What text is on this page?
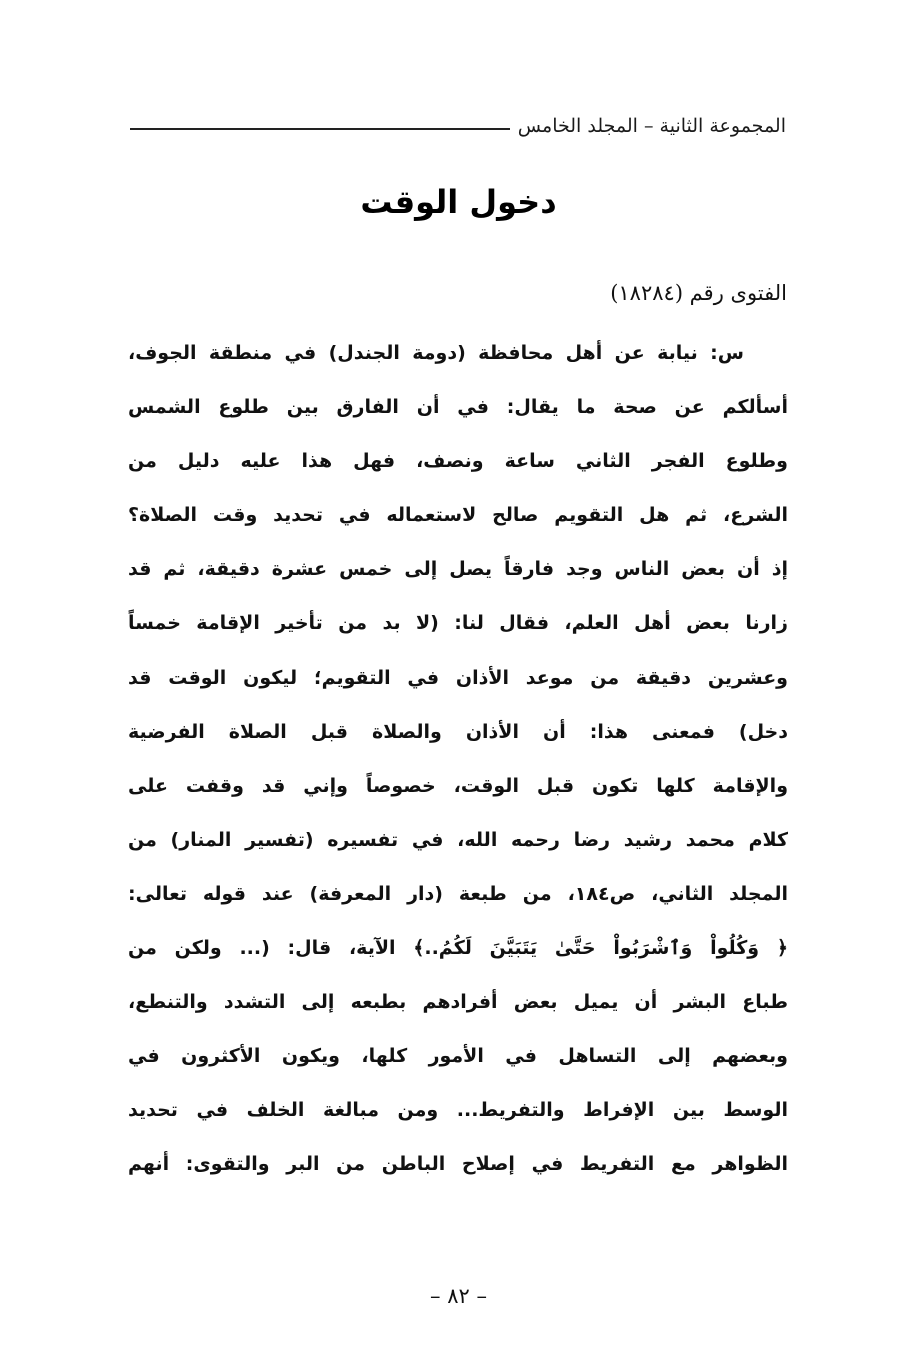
المجموعة الثانية – المجلد الخامس
دخول الوقت
الفتوى رقم (١٨٢٨٤)
س: نيابة عن أهل محافظة (دومة الجندل) في منطقة الجوف،
أسألكم عن صحة ما يقال: في أن الفارق بين طلوع الشمس
وطلوع الفجر الثاني ساعة ونصف، فهل هذا عليه دليل من
الشرع، ثم هل التقويم صالح لاستعماله في تحديد وقت الصلاة؟
إذ أن بعض الناس وجد فارقاً يصل إلى خمس عشرة دقيقة، ثم قد
زارنا بعض أهل العلم، فقال لنا: (لا بد من تأخير الإقامة خمساً
وعشرين دقيقة من موعد الأذان في التقويم؛ ليكون الوقت قد
دخل) فمعنى هذا: أن الأذان والصلاة قبل الصلاة الفرضية
والإقامة كلها تكون قبل الوقت، خصوصاً وإني قد وقفت على
كلام محمد رشيد رضا رحمه الله، في تفسيره (تفسير المنار) من
المجلد الثاني، ص١٨٤، من طبعة (دار المعرفة) عند قوله تعالى:
﴿ وَكُلُواْ وَٱشْرَبُواْ حَتَّىٰ يَتَبَيَّنَ لَكُمُ..﴾ الآية، قال: (... ولكن من
طباع البشر أن يميل بعض أفرادهم بطبعه إلى التشدد والتنطع،
وبعضهم إلى التساهل في الأمور كلها، ويكون الأكثرون في
الوسط بين الإفراط والتفريط... ومن مبالغة الخلف في تحديد
الظواهر مع التفريط في إصلاح الباطن من البر والتقوى: أنهم
– ٨٢ –
